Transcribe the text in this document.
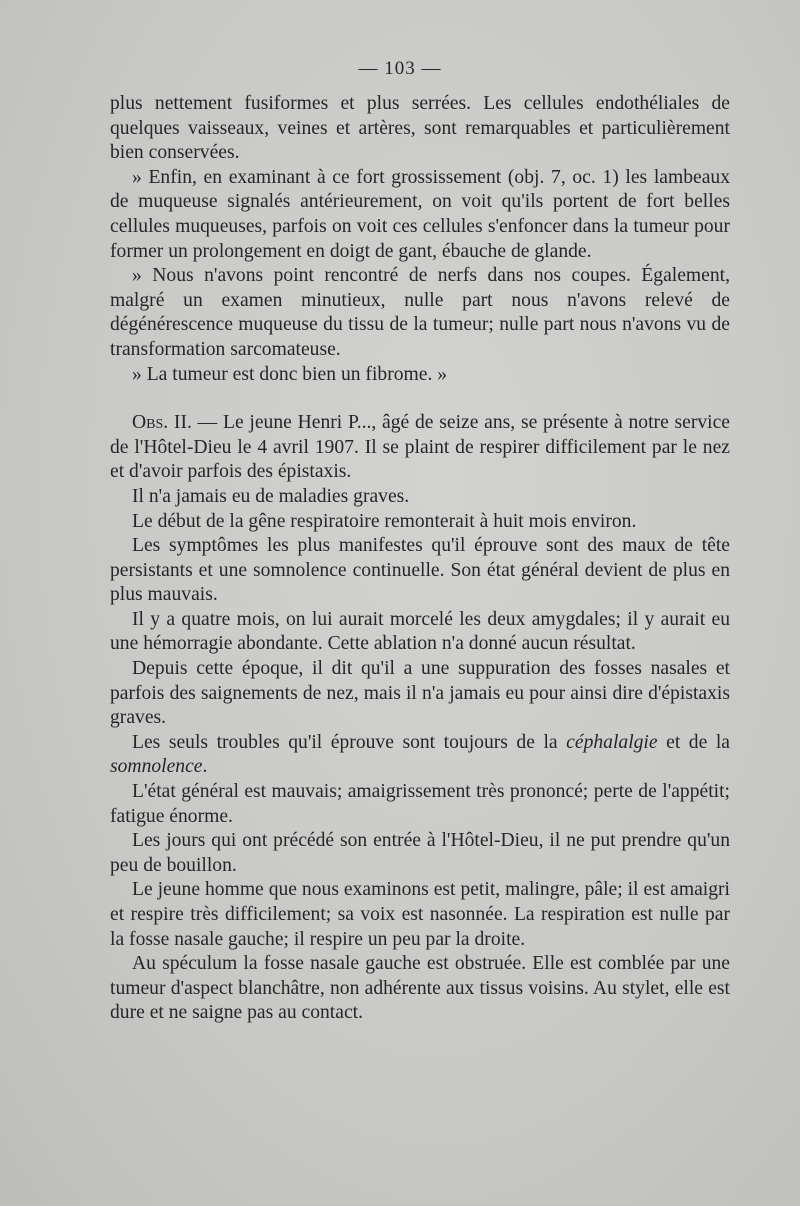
— 103 —

plus nettement fusiformes et plus serrées. Les cellules endothéliales de quelques vaisseaux, veines et artères, sont remarquables et particulièrement bien conservées.

» Enfin, en examinant à ce fort grossissement (obj. 7, oc. 1) les lambeaux de muqueuse signalés antérieurement, on voit qu'ils portent de fort belles cellules muqueuses, parfois on voit ces cellules s'enfoncer dans la tumeur pour former un prolongement en doigt de gant, ébauche de glande.

» Nous n'avons point rencontré de nerfs dans nos coupes. Également, malgré un examen minutieux, nulle part nous n'avons relevé de dégénérescence muqueuse du tissu de la tumeur; nulle part nous n'avons vu de transformation sarcomateuse.

» La tumeur est donc bien un fibrome. »

Obs. II. — Le jeune Henri P..., âgé de seize ans, se présente à notre service de l'Hôtel-Dieu le 4 avril 1907. Il se plaint de respirer difficilement par le nez et d'avoir parfois des épistaxis.

Il n'a jamais eu de maladies graves.

Le début de la gêne respiratoire remonterait à huit mois environ.

Les symptômes les plus manifestes qu'il éprouve sont des maux de tête persistants et une somnolence continuelle. Son état général devient de plus en plus mauvais.

Il y a quatre mois, on lui aurait morcelé les deux amygdales; il y aurait eu une hémorragie abondante. Cette ablation n'a donné aucun résultat.

Depuis cette époque, il dit qu'il a une suppuration des fosses nasales et parfois des saignements de nez, mais il n'a jamais eu pour ainsi dire d'épistaxis graves.

Les seuls troubles qu'il éprouve sont toujours de la céphalalgie et de la somnolence.

L'état général est mauvais; amaigrissement très prononcé; perte de l'appétit; fatigue énorme.

Les jours qui ont précédé son entrée à l'Hôtel-Dieu, il ne put prendre qu'un peu de bouillon.

Le jeune homme que nous examinons est petit, malingre, pâle; il est amaigri et respire très difficilement; sa voix est nasonnée. La respiration est nulle par la fosse nasale gauche; il respire un peu par la droite.

Au spéculum la fosse nasale gauche est obstruée. Elle est comblée par une tumeur d'aspect blanchâtre, non adhérente aux tissus voisins. Au stylet, elle est dure et ne saigne pas au contact.
